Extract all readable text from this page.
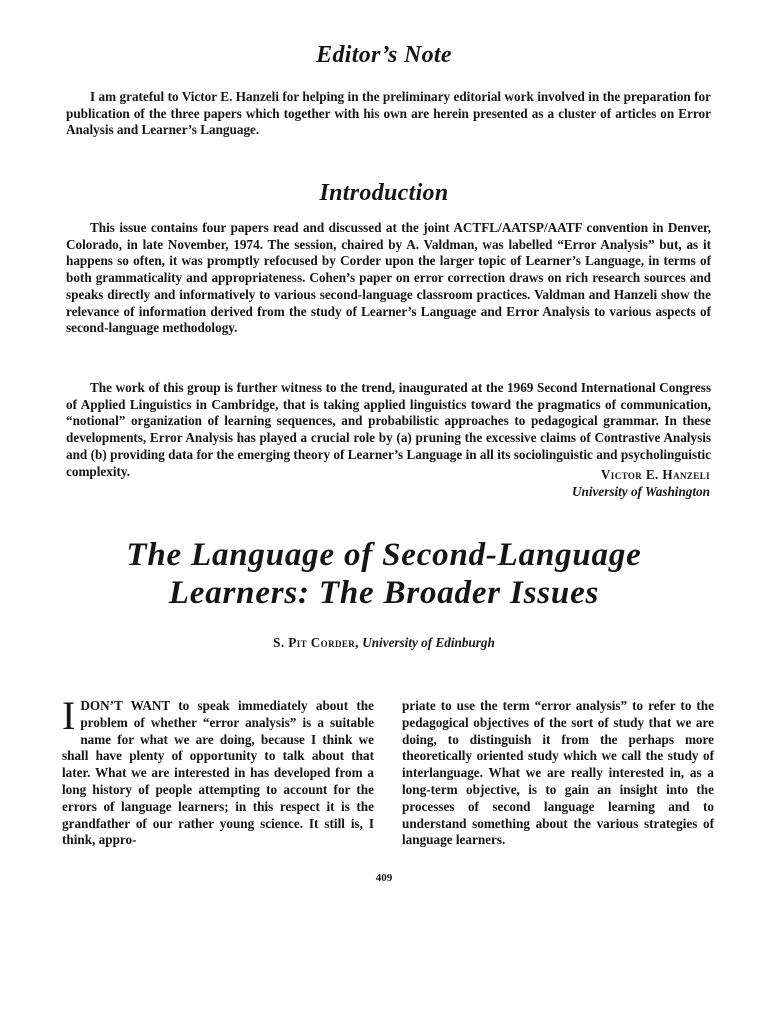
Editor’s Note

I am grateful to Victor E. Hanzeli for helping in the preliminary editorial work involved in the preparation for publication of the three papers which together with his own are herein presented as a cluster of articles on Error Analysis and Learner’s Language.

Introduction

This issue contains four papers read and discussed at the joint ACTFL/AATSP/AATF convention in Denver, Colorado, in late November, 1974. The session, chaired by A. Valdman, was labelled “Error Analysis” but, as it happens so often, it was promptly refocused by Corder upon the larger topic of Learner’s Language, in terms of both grammaticality and appropriateness. Cohen’s paper on error correction draws on rich research sources and speaks directly and informatively to various second-language classroom practices. Valdman and Hanzeli show the relevance of information derived from the study of Learner’s Language and Error Analysis to various aspects of second-language methodology.

The work of this group is further witness to the trend, inaugurated at the 1969 Second International Congress of Applied Linguistics in Cambridge, that is taking applied linguistics toward the pragmatics of communication, “notional” organization of learning sequences, and probabilistic approaches to pedagogical grammar. In these developments, Error Analysis has played a crucial role by (a) pruning the excessive claims of Contrastive Analysis and (b) providing data for the emerging theory of Learner’s Language in all its sociolinguistic and psycholinguistic complexity.	Victor E. Hanzeli

University of Washington

The Language of Second-Language
Learners: The Broader Issues

S. Pit Corder, University of Edinburgh

IDON’T WANT to speak immediately about the problem of whether “error analysis” is a suitable name for what we are doing, because I think we shall have plenty of opportunity to talk about that later. What we are interested in has developed from a long history of people attempting to account for the errors of language learners; in this respect it is the grandfather of our rather young science. It still is, I think, appro-

priate to use the term “error analysis” to refer to the pedagogical objectives of the sort of study that we are doing, to distinguish it from the perhaps more theoretically oriented study which we call the study of interlanguage. What we are really interested in, as a long-term objective, is to gain an insight into the processes of second language learning and to understand something about the various strategies of language learners.

409
